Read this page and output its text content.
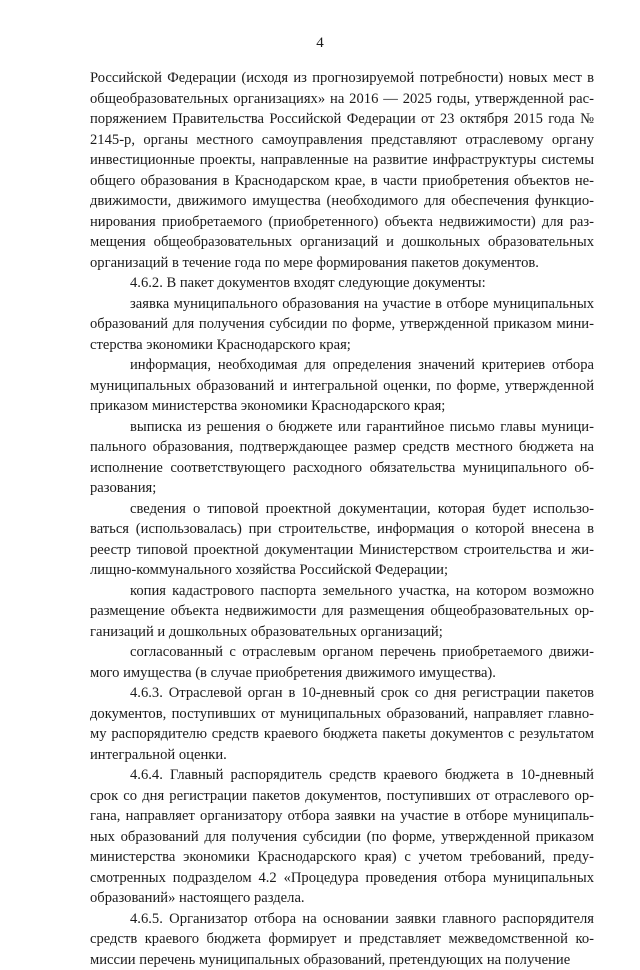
4

Российской Федерации (исходя из прогнозируемой потребности) новых мест в общеобразовательных организациях» на 2016 — 2025 годы, утвержденной распоряжением Правительства Российской Федерации от 23 октября 2015 года № 2145-р, органы местного самоуправления представляют отраслевому органу инвестиционные проекты, направленные на развитие инфраструктуры системы общего образования в Краснодарском крае, в части приобретения объектов недвижимости, движимого имущества (необходимого для обеспечения функционирования приобретаемого (приобретенного) объекта недвижимости) для размещения общеобразовательных организаций и дошкольных образовательных организаций в течение года по мере формирования пакетов документов.

4.6.2. В пакет документов входят следующие документы:

заявка муниципального образования на участие в отборе муниципальных образований для получения субсидии по форме, утвержденной приказом министерства экономики Краснодарского края;

информация, необходимая для определения значений критериев отбора муниципальных образований и интегральной оценки, по форме, утвержденной приказом министерства экономики Краснодарского края;

выписка из решения о бюджете или гарантийное письмо главы муниципального образования, подтверждающее размер средств местного бюджета на исполнение соответствующего расходного обязательства муниципального образования;

сведения о типовой проектной документации, которая будет использоваться (использовалась) при строительстве, информация о которой внесена в реестр типовой проектной документации Министерством строительства и жилищно-коммунального хозяйства Российской Федерации;

копия кадастрового паспорта земельного участка, на котором возможно размещение объекта недвижимости для размещения общеобразовательных организаций и дошкольных образовательных организаций;

согласованный с отраслевым органом перечень приобретаемого движимого имущества (в случае приобретения движимого имущества).

4.6.3. Отраслевой орган в 10-дневный срок со дня регистрации пакетов документов, поступивших от муниципальных образований, направляет главному распорядителю средств краевого бюджета пакеты документов с результатом интегральной оценки.

4.6.4. Главный распорядитель средств краевого бюджета в 10-дневный срок со дня регистрации пакетов документов, поступивших от отраслевого органа, направляет организатору отбора заявки на участие в отборе муниципальных образований для получения субсидии (по форме, утвержденной приказом министерства экономики Краснодарского края) с учетом требований, предусмотренных подразделом 4.2 «Процедура проведения отбора муниципальных образований» настоящего раздела.

4.6.5. Организатор отбора на основании заявки главного распорядителя средств краевого бюджета формирует и представляет межведомственной комиссии перечень муниципальных образований, претендующих на получение
